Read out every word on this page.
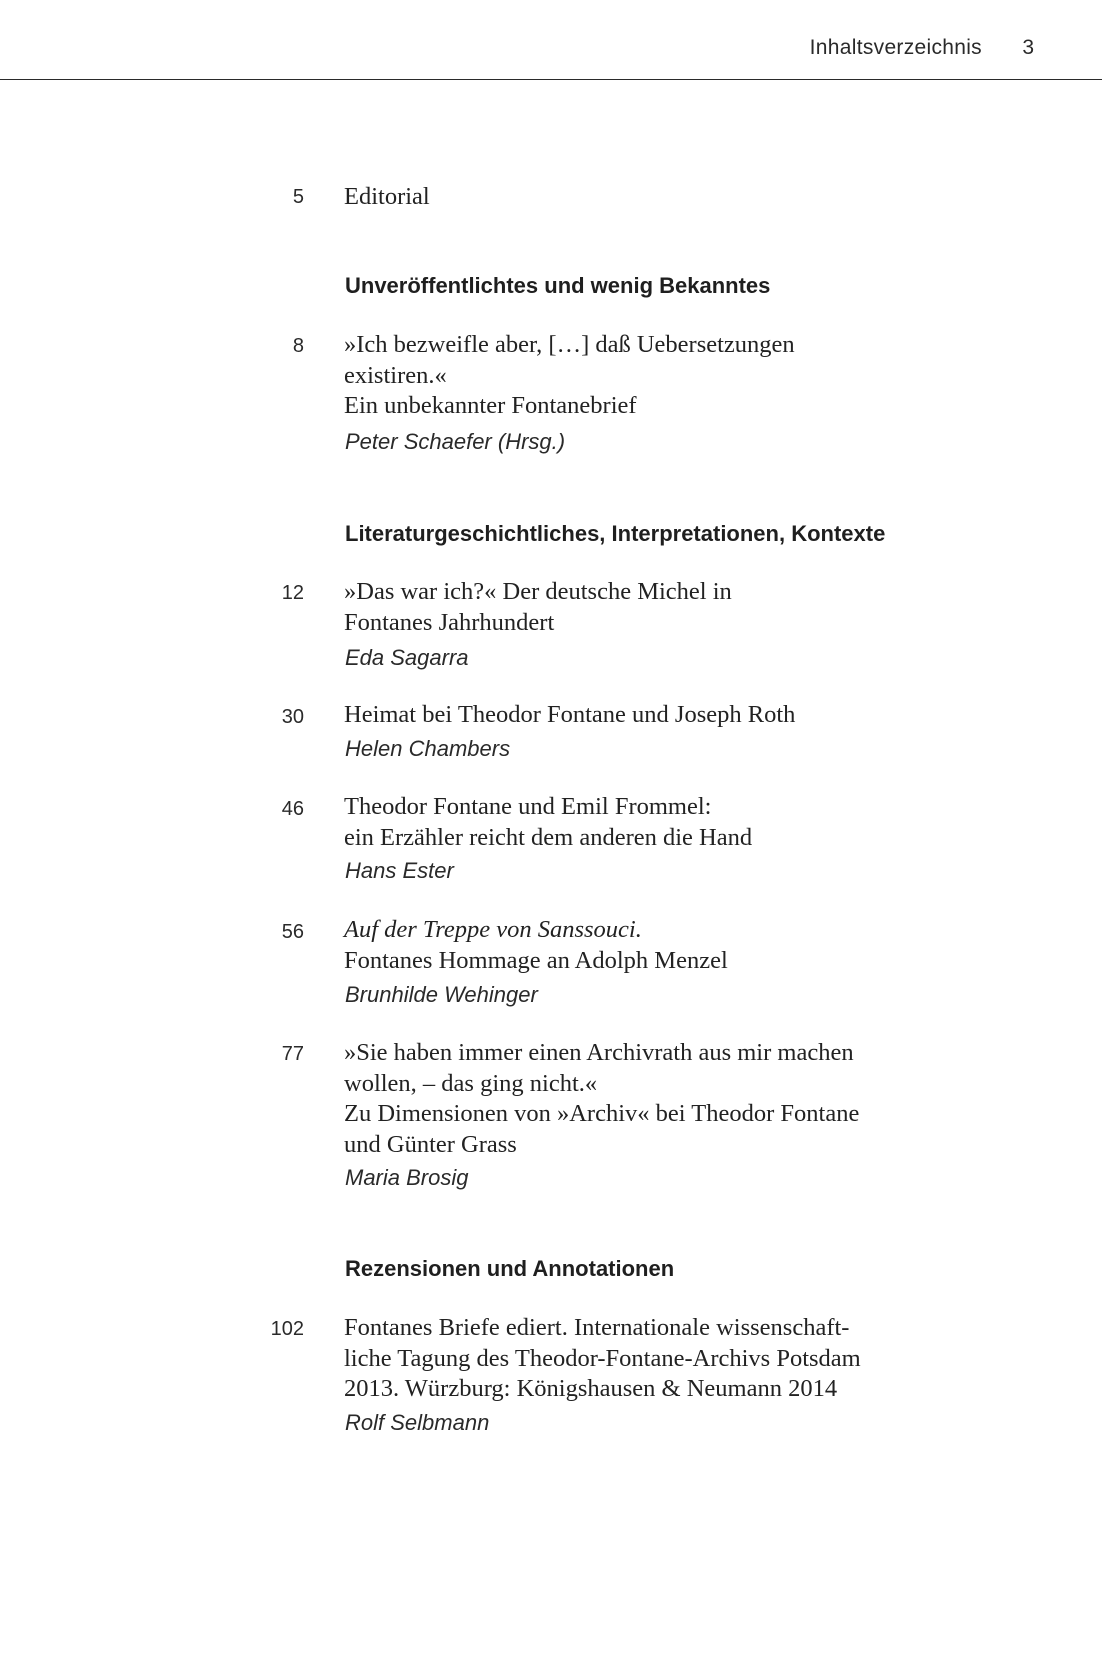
Inhaltsverzeichnis 3
5 Editorial
Unveröffentlichtes und wenig Bekanntes
8 »Ich bezweifle aber, […] daß Uebersetzungen
existiren.«
Ein unbekannter Fontanebrief
Peter Schaefer (Hrsg.)
Literaturgeschichtliches, Interpretationen, Kontexte
12 »Das war ich?« Der deutsche Michel in
Fontanes Jahrhundert
Eda Sagarra
30 Heimat bei Theodor Fontane und Joseph Roth
Helen Chambers
46 Theodor Fontane und Emil Frommel:
ein Erzähler reicht dem anderen die Hand
Hans Ester
56 Auf der Treppe von Sanssouci.
Fontanes Hommage an Adolph Menzel
Brunhilde Wehinger
77 »Sie haben immer einen Archivrath aus mir machen
wollen, – das ging nicht.«
Zu Dimensionen von »Archiv« bei Theodor Fontane
und Günter Grass
Maria Brosig
Rezensionen und Annotationen
102 Fontanes Briefe ediert. Internationale wissenschaft-
liche Tagung des Theodor-Fontane-Archivs Potsdam
2013. Würzburg: Königshausen & Neumann 2014
Rolf Selbmann
